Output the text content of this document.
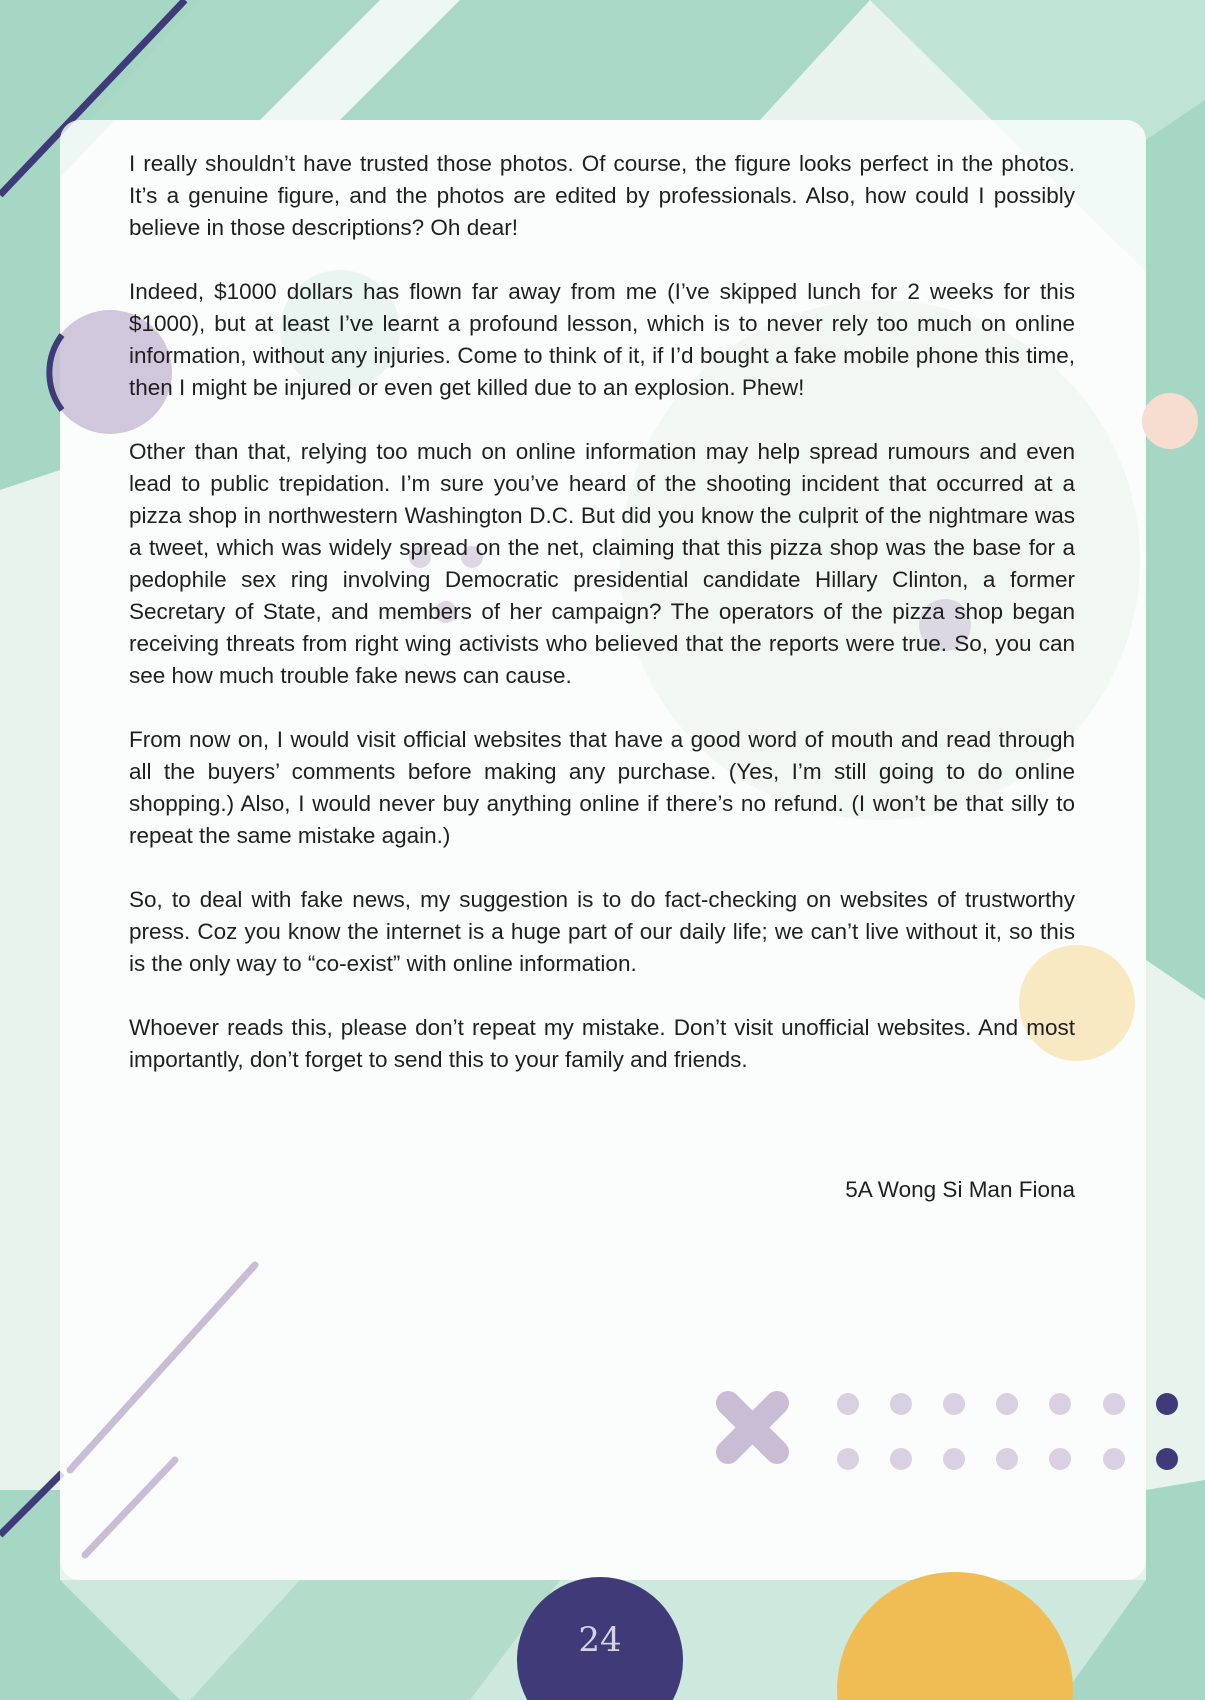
I really shouldn’t have trusted those photos. Of course, the figure looks perfect in the photos. It’s a genuine figure, and the photos are edited by professionals. Also, how could I possibly believe in those descriptions? Oh dear!

Indeed, $1000 dollars has flown far away from me (I’ve skipped lunch for 2 weeks for this $1000), but at least I’ve learnt a profound lesson, which is to never rely too much on online information, without any injuries. Come to think of it, if I’d bought a fake mobile phone this time, then I might be injured or even get killed due to an explosion. Phew!

Other than that, relying too much on online information may help spread rumours and even lead to public trepidation. I’m sure you’ve heard of the shooting incident that occurred at a pizza shop in northwestern Washington D.C. But did you know the culprit of the nightmare was a tweet, which was widely spread on the net, claiming that this pizza shop was the base for a pedophile sex ring involving Democratic presidential candidate Hillary Clinton, a former Secretary of State, and members of her campaign? The operators of the pizza shop began receiving threats from right wing activists who believed that the reports were true. So, you can see how much trouble fake news can cause.

From now on, I would visit official websites that have a good word of mouth and read through all the buyers’ comments before making any purchase. (Yes, I’m still going to do online shopping.) Also, I would never buy anything online if there’s no refund. (I won’t be that silly to repeat the same mistake again.)

So, to deal with fake news, my suggestion is to do fact-checking on websites of trustworthy press. Coz you know the internet is a huge part of our daily life; we can’t live without it, so this is the only way to “co-exist” with online information.

Whoever reads this, please don’t repeat my mistake. Don’t visit unofficial websites. And most importantly, don’t forget to send this to your family and friends.

5A Wong Si Man Fiona
24
